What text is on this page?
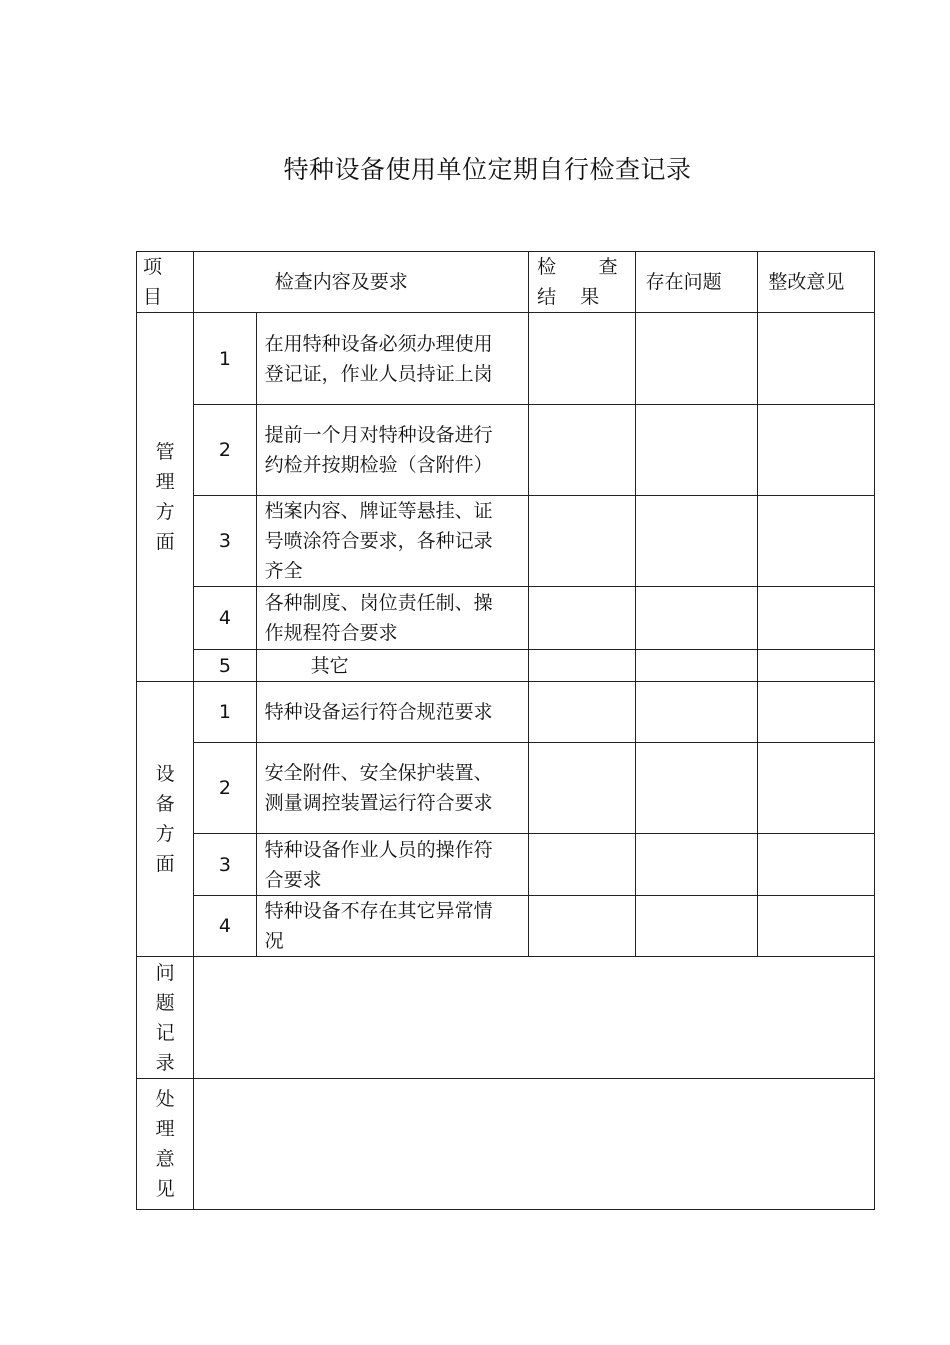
特种设备使用单位定期自行检查记录
项
目	检查内容及要求		检 查 结 果	存在问题	整改意见

管
理
方
面	1	在用特种设备必须办理使用登记证，作业人员持证上岗			
	2	提前一个月对特种设备进行约检并按期检验（含附件）			
	3	档案内容、牌证等悬挂、证号喷涂符合要求，各种记录齐全			
	4	各种制度、岗位责任制、操作规程符合要求			
	5	其它			

设
备
方
面	1	特种设备运行符合规范要求			
	2	安全附件、安全保护装置、测量调控装置运行符合要求			
	3	特种设备作业人员的操作符合要求			
	4	特种设备不存在其它异常情况			

问
题
记
录					

处
理
意
见					
